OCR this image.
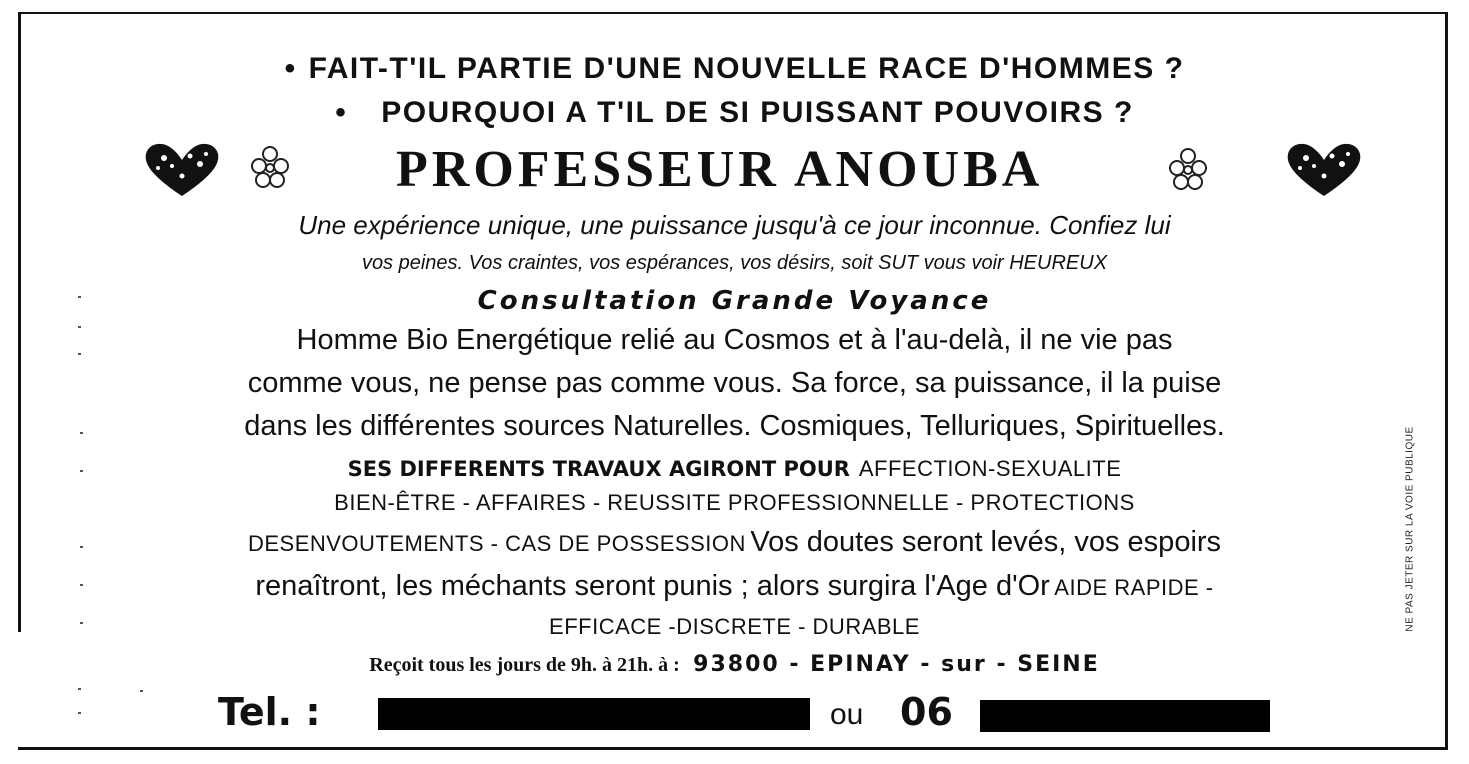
• FAIT-T'IL PARTIE D'UNE NOUVELLE RACE D'HOMMES ?
• POURQUOI A T'IL DE SI PUISSANT POUVOIRS ?
PROFESSEUR ANOUBA
Une expérience unique, une puissance jusqu'à ce jour inconnue. Confiez lui
vos peines. Vos craintes, vos espérances, vos désirs, soit SUT vous voir HEUREUX
Consultation Grande Voyance
Homme Bio Energétique relié au Cosmos et à l'au-delà, il ne vie pas
comme vous, ne pense pas comme vous. Sa force, sa puissance, il la puise
dans les différentes sources Naturelles. Cosmiques, Telluriques, Spirituelles.
SES DIFFERENTS TRAVAUX AGIRONT POUR AFFECTION-SEXUALITE
BIEN-ÊTRE - AFFAIRES - REUSSITE PROFESSIONNELLE - PROTECTIONS
DESENVOUTEMENTS - CAS DE POSSESSION Vos doutes seront levés, vos espoirs
renaîtront, les méchants seront punis ; alors surgira l'Age d'Or AIDE RAPIDE -
EFFICACE -DISCRETE - DURABLE
Reçoit tous les jours de 9h. à 21h. à : 93800 - EPINAY - sur - SEINE
Tel. :	ou 06
NE PAS JETER SUR LA VOIE PUBLIQUE
